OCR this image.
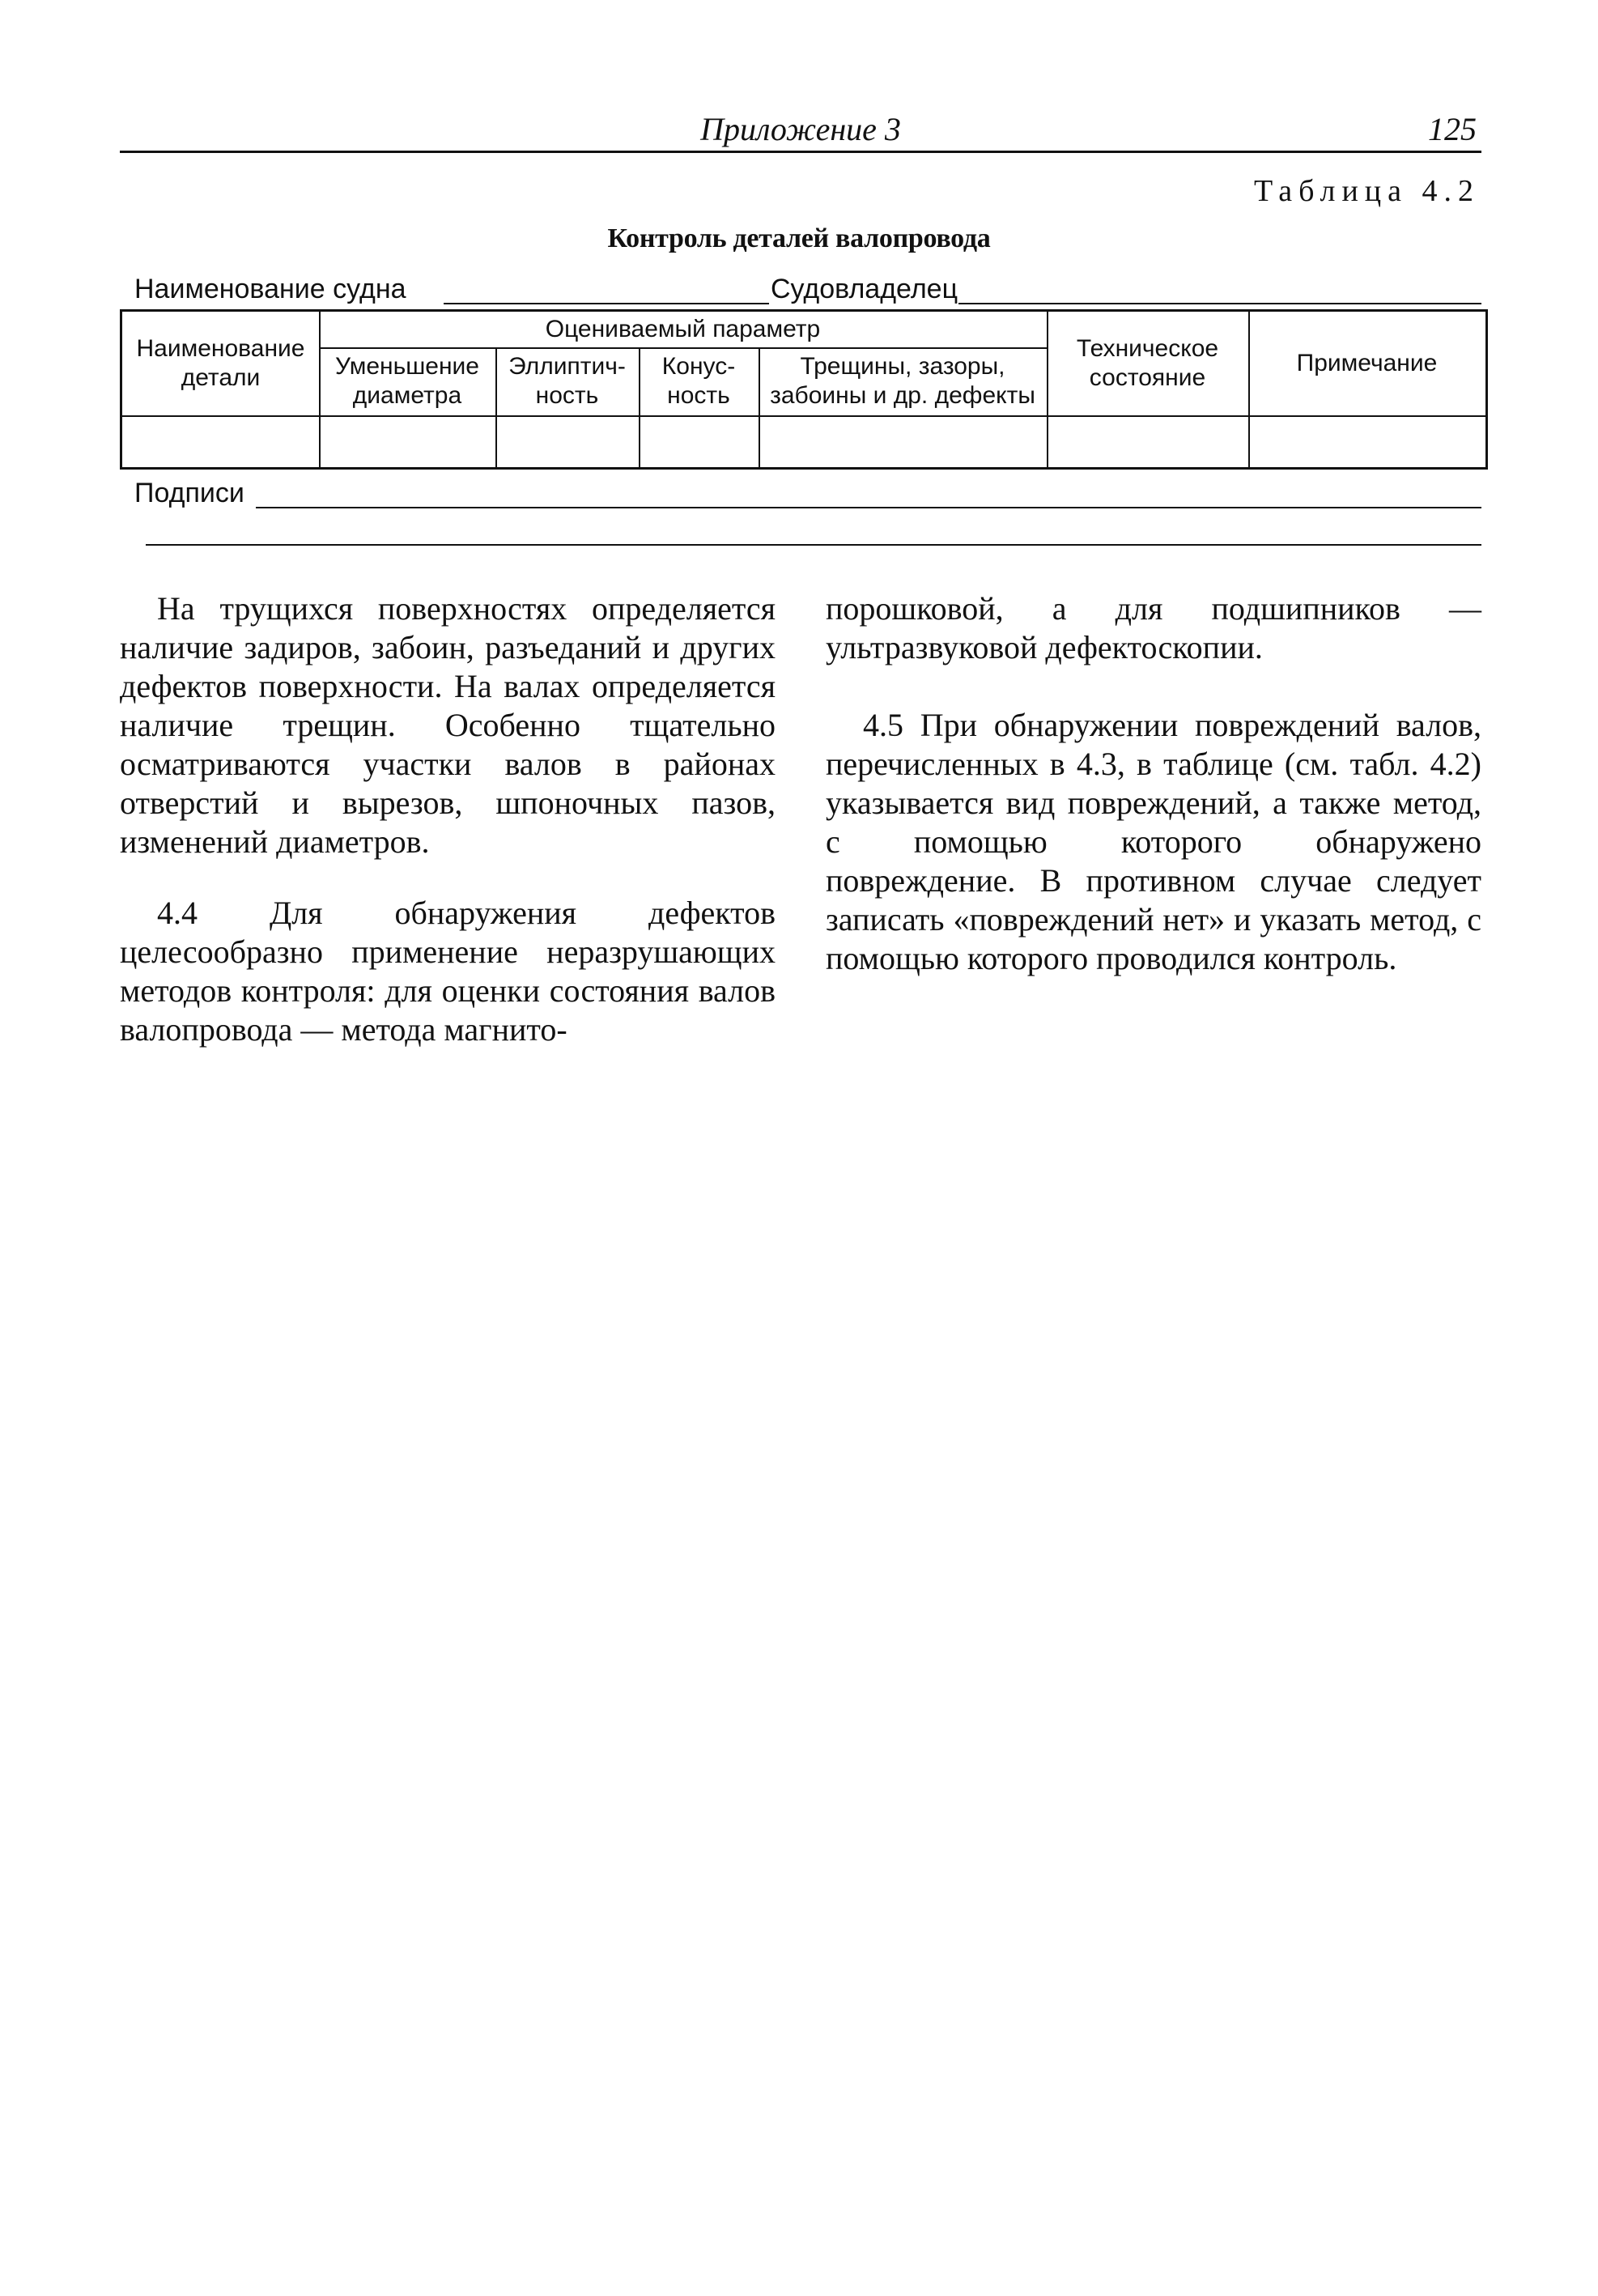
Приложение 3	125
Таблица 4.2
Контроль деталей валопровода
Наименование судна	Судовладелец
Наименование
детали
Оцениваемый параметр
Уменьшение
диаметра
Эллиптич-
ность
Конус-
ность
Трещины, зазоры,
забоины и др. дефекты
Техническое
состояние
Примечание
Подписи

На трущихся поверхностях определяется наличие задиров, забоин, разъеданий и других дефектов поверхности. На валах определяется наличие трещин. Особенно тщательно осматриваются участки валов в районах отверстий и вырезов, шпоночных пазов, изменений диаметров.

4.4 Для обнаружения дефектов целесообразно применение неразрушающих методов контроля: для оценки состояния валов валопровода — метода магнито-

порошковой, а для подшипников — ультразвуковой дефектоскопии.

4.5 При обнаружении повреждений валов, перечисленных в 4.3, в таблице (см. табл. 4.2) указывается вид повреждений, а также метод, с помощью которого обнаружено повреждение. В противном случае следует записать «повреждений нет» и указать метод, с помощью которого проводился контроль.
